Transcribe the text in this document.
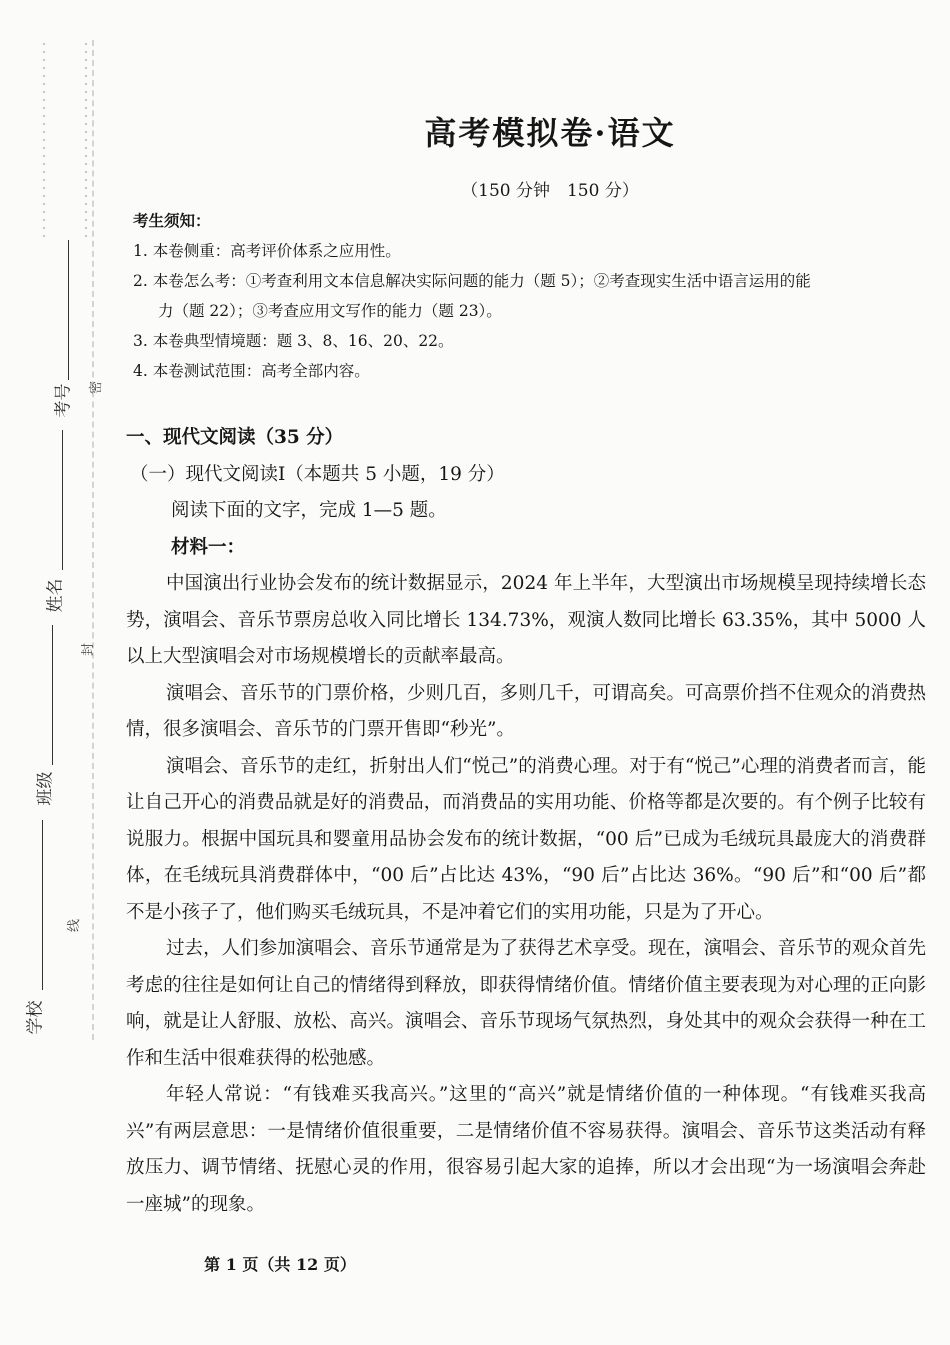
考号
姓名
班级
学校
密
封
线
高考模拟卷·语文
（150 分钟　150 分）
考生须知：
1. 本卷侧重：高考评价体系之应用性。
2. 本卷怎么考：①考查利用文本信息解决实际问题的能力（题 5）；②考查现实生活中语言运用的能
力（题 22）；③考查应用文写作的能力（题 23）。
3. 本卷典型情境题：题 3、8、16、20、22。
4. 本卷测试范围：高考全部内容。
一、现代文阅读（35 分）
（一）现代文阅读Ⅰ（本题共 5 小题，19 分）
阅读下面的文字，完成 1—5 题。
材料一：

中国演出行业协会发布的统计数据显示，2024 年上半年，大型演出市场规模呈现持续增长态势，演唱会、音乐节票房总收入同比增长 134.73%，观演人数同比增长 63.35%，其中 5000 人以上大型演唱会对市场规模增长的贡献率最高。

演唱会、音乐节的门票价格，少则几百，多则几千，可谓高矣。可高票价挡不住观众的消费热情，很多演唱会、音乐节的门票开售即“秒光”。

演唱会、音乐节的走红，折射出人们“悦己”的消费心理。对于有“悦己”心理的消费者而言，能让自己开心的消费品就是好的消费品，而消费品的实用功能、价格等都是次要的。有个例子比较有说服力。根据中国玩具和婴童用品协会发布的统计数据，“00 后”已成为毛绒玩具最庞大的消费群体，在毛绒玩具消费群体中，“00 后”占比达 43%，“90 后”占比达 36%。“90 后”和“00 后”都不是小孩子了，他们购买毛绒玩具，不是冲着它们的实用功能，只是为了开心。

过去，人们参加演唱会、音乐节通常是为了获得艺术享受。现在，演唱会、音乐节的观众首先考虑的往往是如何让自己的情绪得到释放，即获得情绪价值。情绪价值主要表现为对心理的正向影响，就是让人舒服、放松、高兴。演唱会、音乐节现场气氛热烈，身处其中的观众会获得一种在工作和生活中很难获得的松弛感。

年轻人常说：“有钱难买我高兴。”这里的“高兴”就是情绪价值的一种体现。“有钱难买我高兴”有两层意思：一是情绪价值很重要，二是情绪价值不容易获得。演唱会、音乐节这类活动有释放压力、调节情绪、抚慰心灵的作用，很容易引起大家的追捧，所以才会出现“为一场演唱会奔赴一座城”的现象。

第 1 页（共 12 页）
